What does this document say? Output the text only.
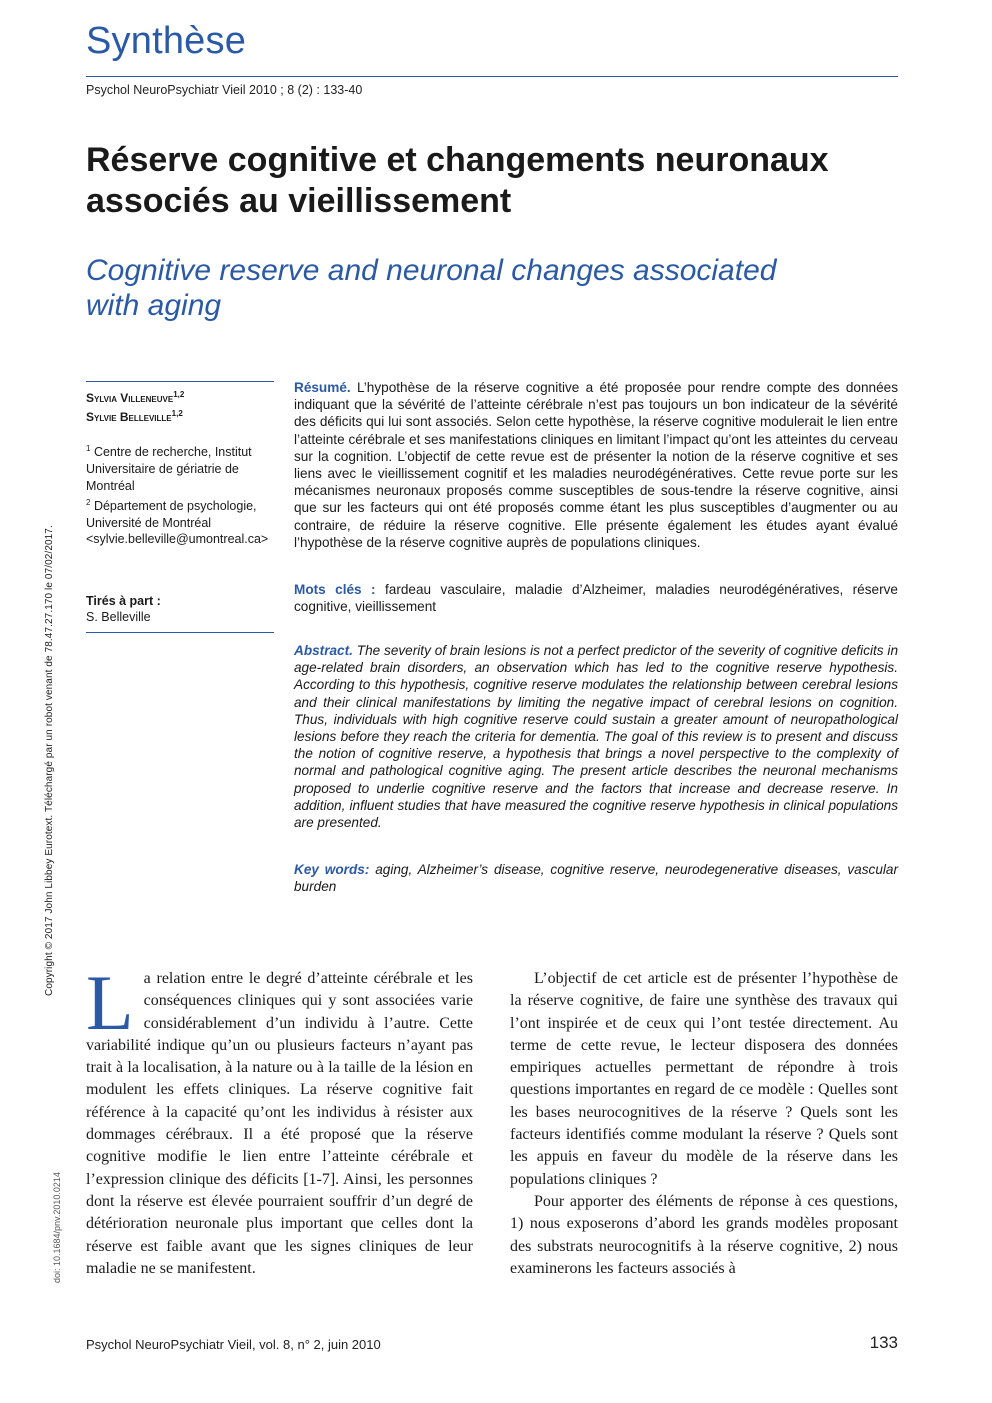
Synthèse
Psychol NeuroPsychiatr Vieil 2010 ; 8 (2) : 133-40
Réserve cognitive et changements neuronaux associés au vieillissement
Cognitive reserve and neuronal changes associated with aging
Copyright © 2017 John Libbey Eurotext. Téléchargé par un robot venant de 78.47.27.170 le 07/02/2017.
doi: 10.1684/pnv.2010.0214
Sylvia Villeneuve$^{1,2}$
Sylvie Belleville$^{1,2}$
$^1$ Centre de recherche, Institut Universitaire de gériatrie de Montréal
$^2$ Département de psychologie, Université de Montréal
<sylvie.belleville@umontreal.ca>
Tirés à part :
S. Belleville
Résumé. L’hypothèse de la réserve cognitive a été proposée pour rendre compte des données indiquant que la sévérité de l’atteinte cérébrale n’est pas toujours un bon indicateur de la sévérité des déficits qui lui sont associés. Selon cette hypothèse, la réserve cognitive modulerait le lien entre l’atteinte cérébrale et ses manifestations cliniques en limitant l’impact qu’ont les atteintes du cerveau sur la cognition. L’objectif de cette revue est de présenter la notion de la réserve cognitive et ses liens avec le vieillissement cognitif et les maladies neurodégénératives. Cette revue porte sur les mécanismes neuronaux proposés comme susceptibles de sous-tendre la réserve cognitive, ainsi que sur les facteurs qui ont été proposés comme étant les plus susceptibles d’augmenter ou au contraire, de réduire la réserve cognitive. Elle présente également les études ayant évalué l’hypothèse de la réserve cognitive auprès de populations cliniques.
Mots clés : fardeau vasculaire, maladie d’Alzheimer, maladies neurodégénératives, réserve cognitive, vieillissement
Abstract. The severity of brain lesions is not a perfect predictor of the severity of cognitive deficits in age-related brain disorders, an observation which has led to the cognitive reserve hypothesis. According to this hypothesis, cognitive reserve modulates the relationship between cerebral lesions and their clinical manifestations by limiting the negative impact of cerebral lesions on cognition. Thus, individuals with high cognitive reserve could sustain a greater amount of neuropathological lesions before they reach the criteria for dementia. The goal of this review is to present and discuss the notion of cognitive reserve, a hypothesis that brings a novel perspective to the complexity of normal and pathological cognitive aging. The present article describes the neuronal mechanisms proposed to underlie cognitive reserve and the factors that increase and decrease reserve. In addition, influent studies that have measured the cognitive reserve hypothesis in clinical populations are presented.
Key words: aging, Alzheimer’s disease, cognitive reserve, neurodegenerative diseases, vascular burden
L a relation entre le degré d’atteinte cérébrale et les conséquences cliniques qui y sont associées varie considérablement d’un individu à l’autre. Cette variabilité indique qu’un ou plusieurs facteurs n’ayant pas trait à la localisation, à la nature ou à la taille de la lésion en modulent les effets cliniques. La réserve cognitive fait référence à la capacité qu’ont les individus à résister aux dommages cérébraux. Il a été proposé que la réserve cognitive modifie le lien entre l’atteinte cérébrale et l’expression clinique des déficits [1-7]. Ainsi, les personnes dont la réserve est élevée pourraient souffrir d’un degré de détérioration neuronale plus important que celles dont la réserve est faible avant que les signes cliniques de leur maladie ne se manifestent.

L’objectif de cet article est de présenter l’hypothèse de la réserve cognitive, de faire une synthèse des travaux qui l’ont inspirée et de ceux qui l’ont testée directement. Au terme de cette revue, le lecteur disposera des données empiriques actuelles permettant de répondre à trois questions importantes en regard de ce modèle : Quelles sont les bases neurocognitives de la réserve ? Quels sont les facteurs identifiés comme modulant la réserve ? Quels sont les appuis en faveur du modèle de la réserve dans les populations cliniques ?

Pour apporter des éléments de réponse à ces questions, 1) nous exposerons d’abord les grands modèles proposant des substrats neurocognitifs à la réserve cognitive, 2) nous examinerons les facteurs associés à

Psychol NeuroPsychiatr Vieil, vol. 8, n° 2, juin 2010	133
